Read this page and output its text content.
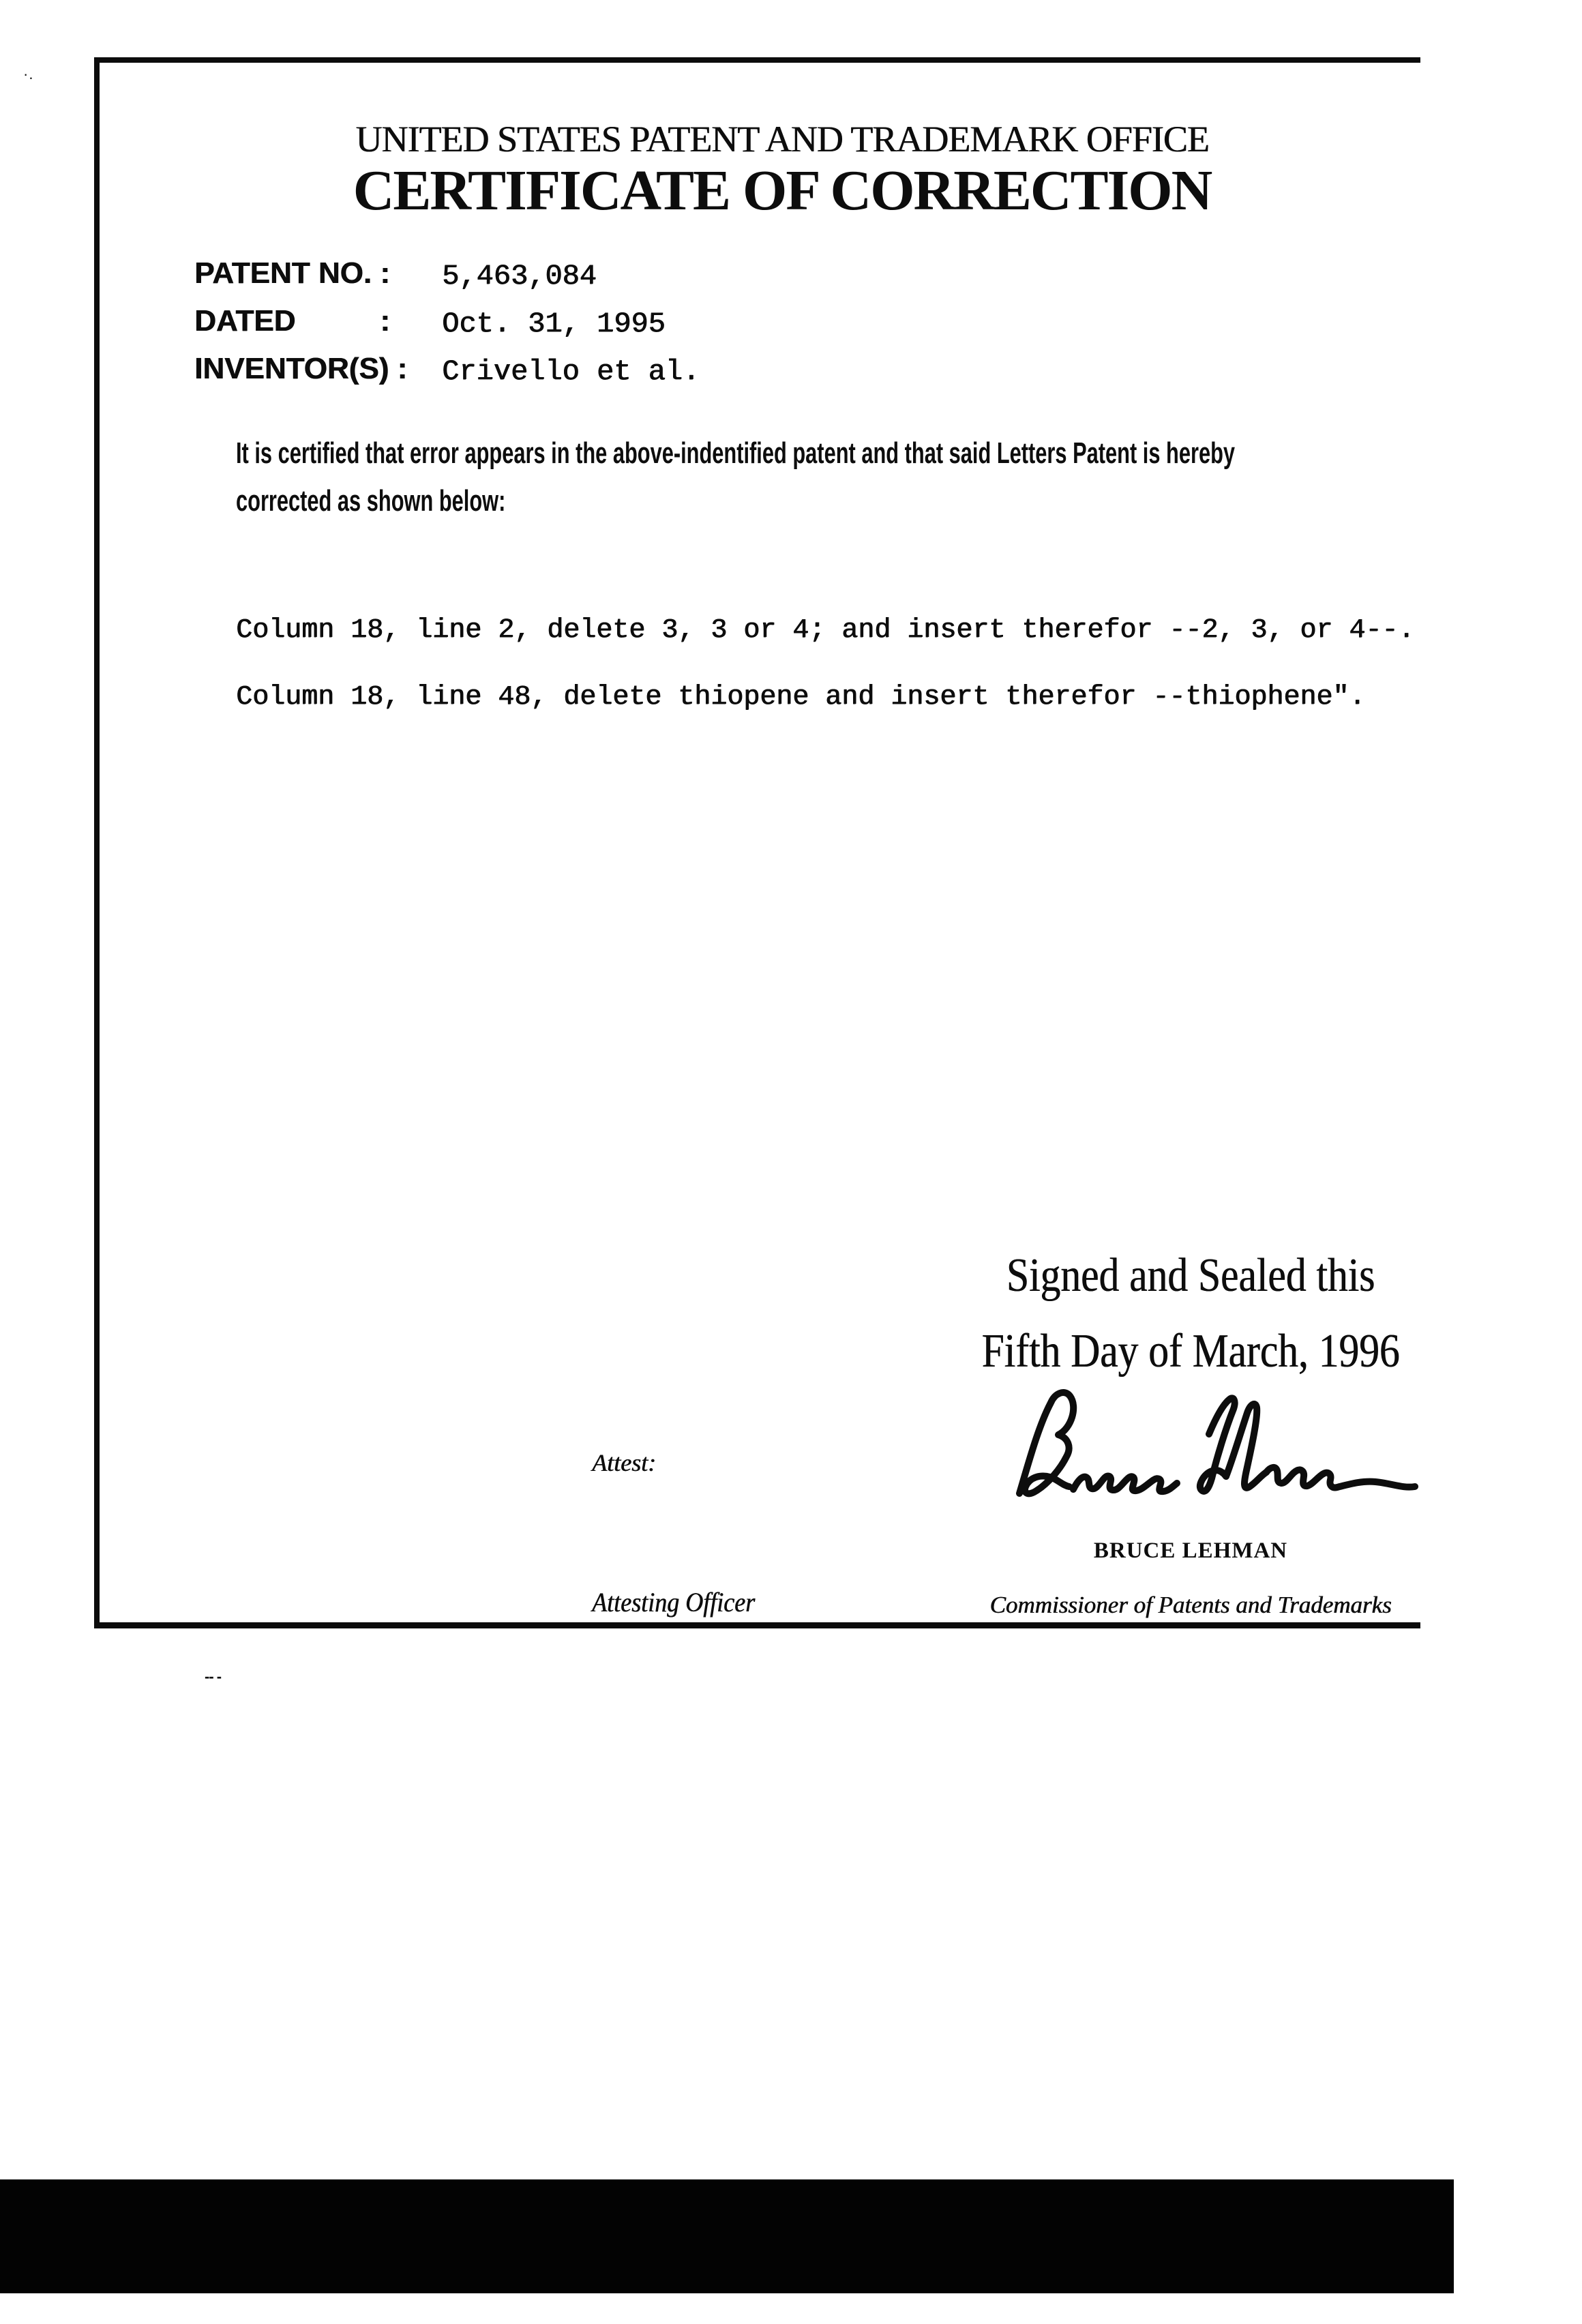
·.
UNITED STATES PATENT AND TRADEMARK OFFICE
CERTIFICATE OF CORRECTION
PATENT NO. : 5,463,084
DATED	: Oct. 31, 1995
INVENTOR(S) : Crivello et al.
It is certified that error appears in the above-indentified patent and that said Letters Patent is hereby
corrected as shown below:
Column 18, line 2, delete 3, 3 or 4; and insert therefor --2, 3, or 4--.
Column 18, line 48, delete thiopene and insert therefor --thiophene".
Signed and Sealed this
Fifth Day of March, 1996
Attest:
BRUCE LEHMAN
Attesting Officer	Commissioner of Patents and Trademarks
-- -
